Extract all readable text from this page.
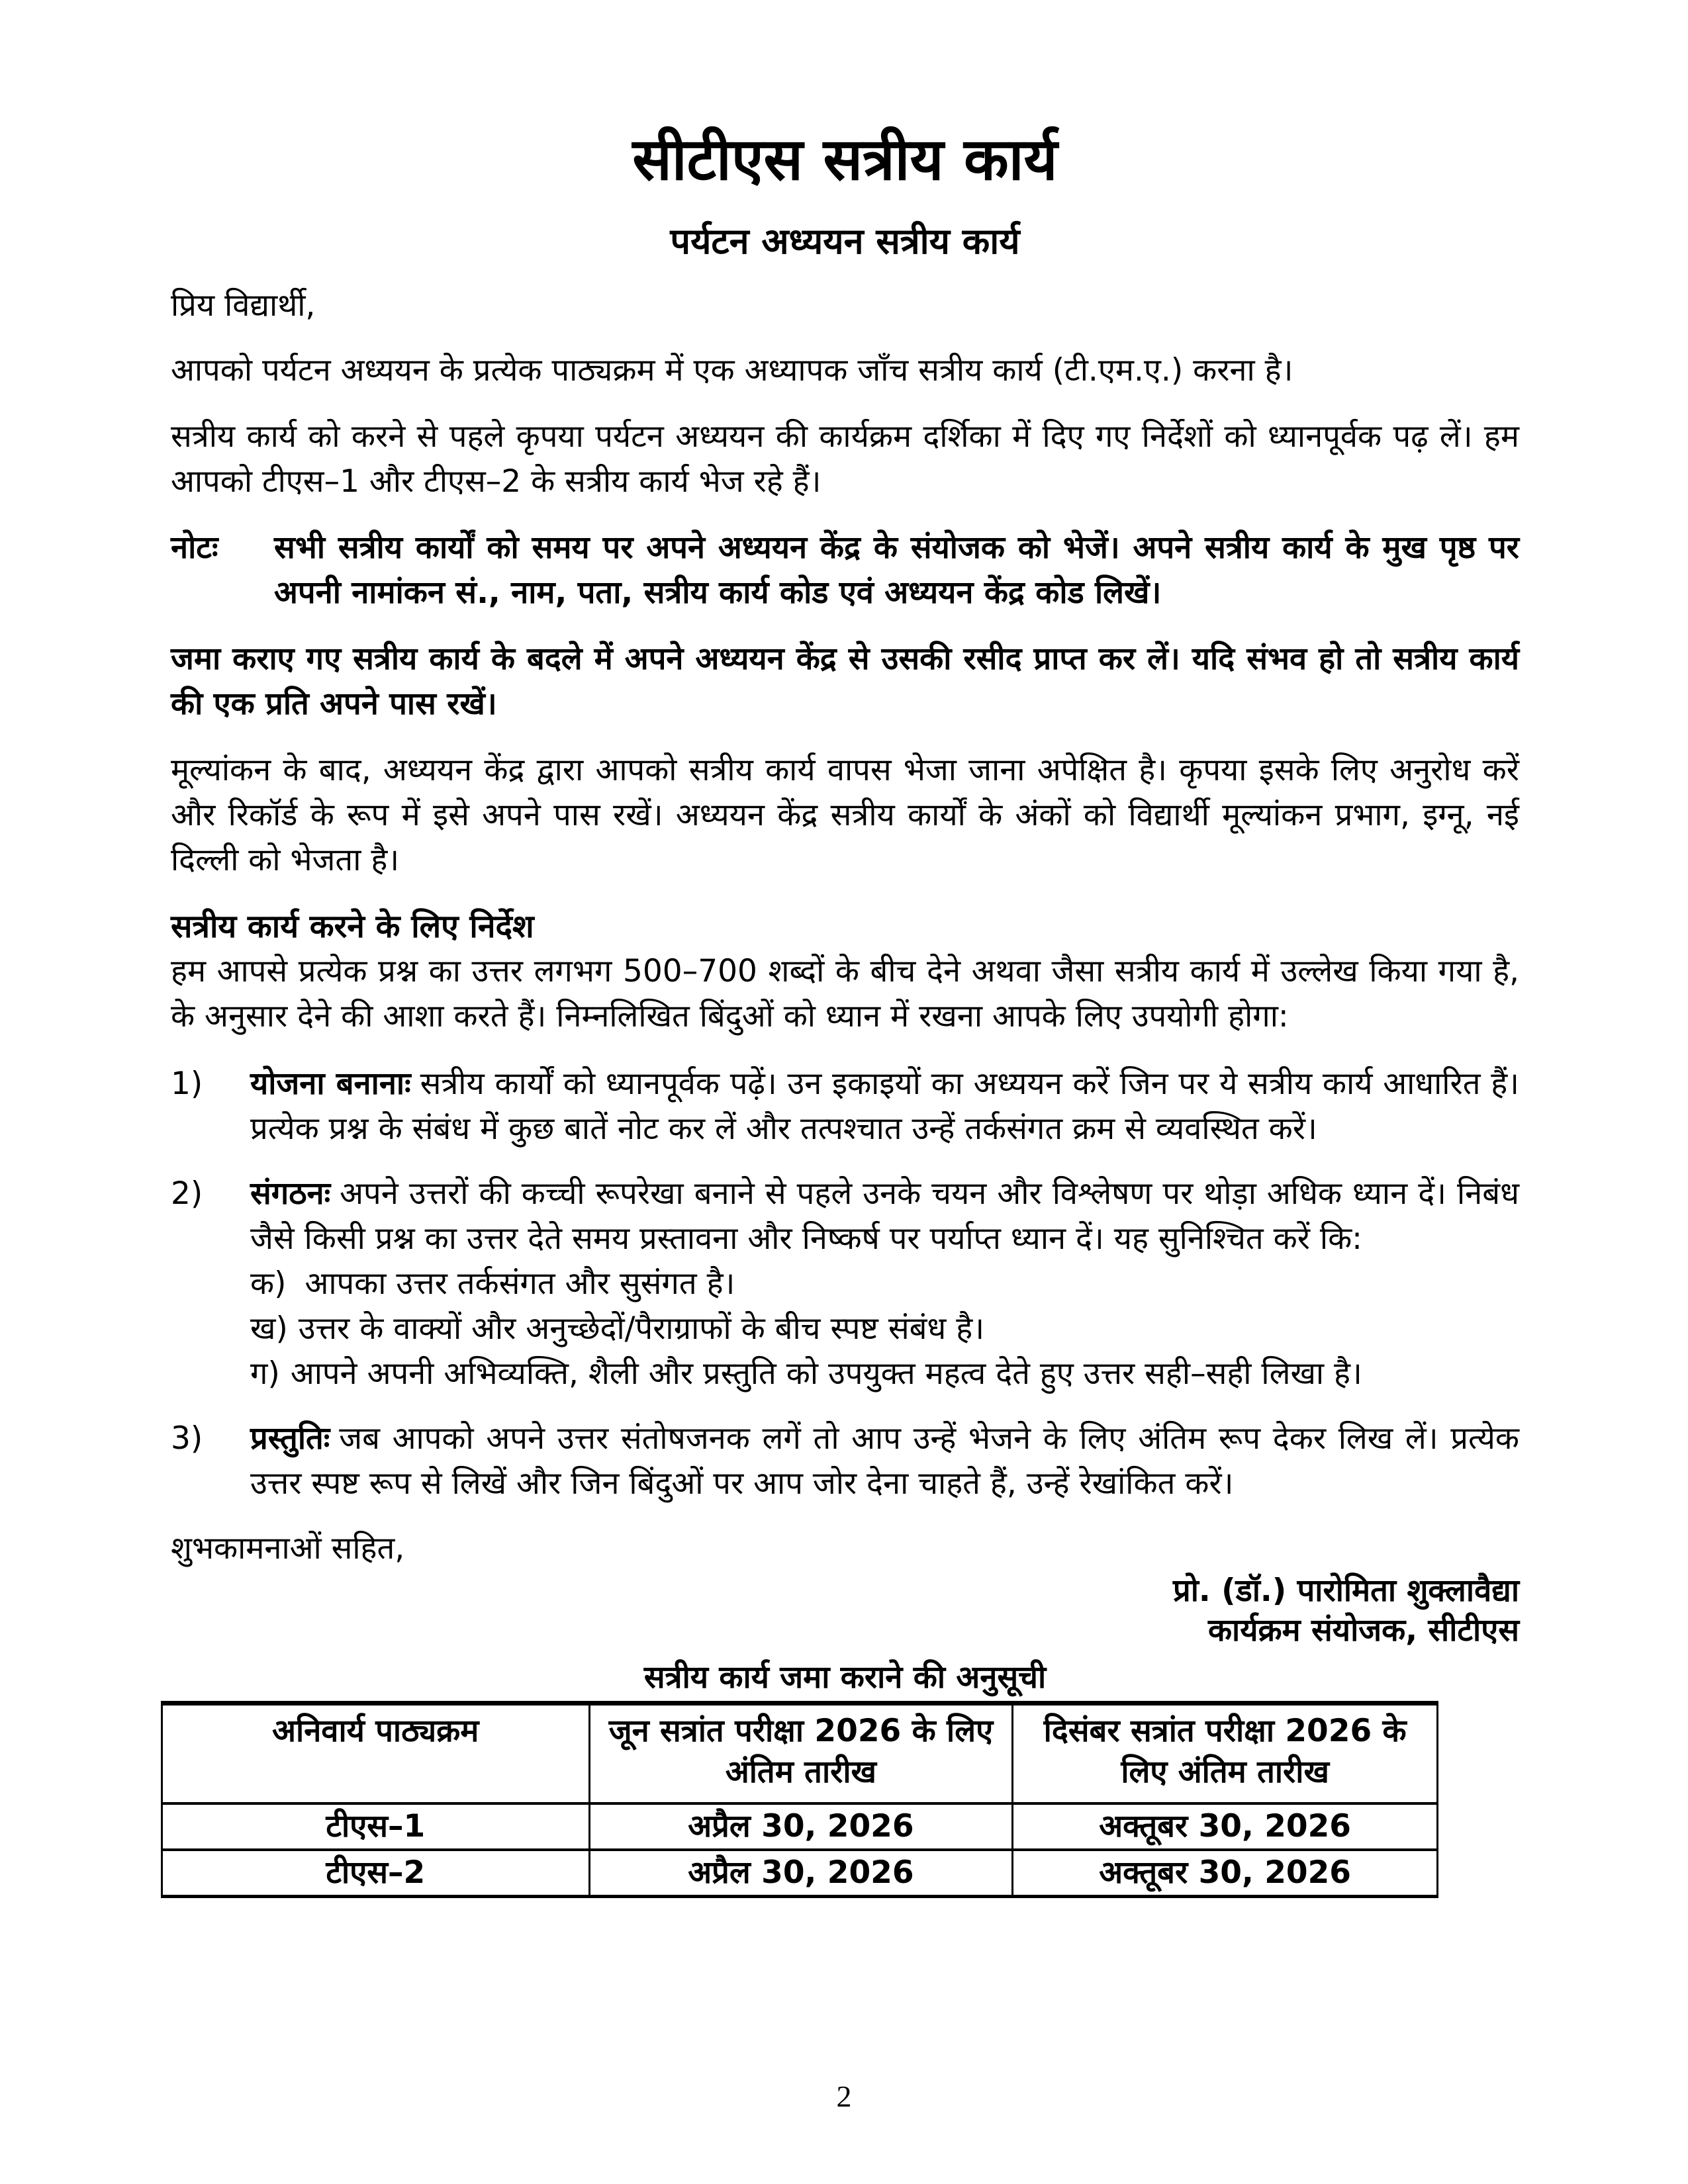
सीटीएस सत्रीय कार्य
पर्यटन अध्ययन सत्रीय कार्य

प्रिय विद्यार्थी,

आपको पर्यटन अध्ययन के प्रत्येक पाठ्यक्रम में एक अध्यापक जाँच सत्रीय कार्य (टी.एम.ए.) करना है।

सत्रीय कार्य को करने से पहले कृपया पर्यटन अध्ययन की कार्यक्रम दर्शिका में दिए गए निर्देशों को ध्यानपूर्वक पढ़ लें। हम आपको टीएस–1 और टीएस–2 के सत्रीय कार्य भेज रहे हैं।

नोटः	सभी सत्रीय कार्यों को समय पर अपने अध्ययन केंद्र के संयोजक को भेजें। अपने सत्रीय कार्य के मुख पृष्ठ पर अपनी नामांकन सं., नाम, पता, सत्रीय कार्य कोड एवं अध्ययन केंद्र कोड लिखें।

जमा कराए गए सत्रीय कार्य के बदले में अपने अध्ययन केंद्र से उसकी रसीद प्राप्त कर लें। यदि संभव हो तो सत्रीय कार्य की एक प्रति अपने पास रखें।

मूल्यांकन के बाद, अध्ययन केंद्र द्वारा आपको सत्रीय कार्य वापस भेजा जाना अपेक्षित है। कृपया इसके लिए अनुरोध करें और रिकॉर्ड के रूप में इसे अपने पास रखें। अध्ययन केंद्र सत्रीय कार्यों के अंकों को विद्यार्थी मूल्यांकन प्रभाग, इग्नू, नई दिल्ली को भेजता है।

सत्रीय कार्य करने के लिए निर्देश

हम आपसे प्रत्येक प्रश्न का उत्तर लगभग 500–700 शब्दों के बीच देने अथवा जैसा सत्रीय कार्य में उल्लेख किया गया है, के अनुसार देने की आशा करते हैं। निम्नलिखित बिंदुओं को ध्यान में रखना आपके लिए उपयोगी होगा:

1)	योजना बनानाः सत्रीय कार्यों को ध्यानपूर्वक पढ़ें। उन इकाइयों का अध्ययन करें जिन पर ये सत्रीय कार्य आधारित हैं। प्रत्येक प्रश्न के संबंध में कुछ बातें नोट कर लें और तत्पश्चात उन्हें तर्कसंगत क्रम से व्यवस्थित करें।
2)	संगठनः अपने उत्तरों की कच्ची रूपरेखा बनाने से पहले उनके चयन और विश्लेषण पर थोड़ा अधिक ध्यान दें। निबंध जैसे किसी प्रश्न का उत्तर देते समय प्रस्तावना और निष्कर्ष पर पर्याप्त ध्यान दें। यह सुनिश्चित करें कि:
क) आपका उत्तर तर्कसंगत और सुसंगत है।
ख) उत्तर के वाक्यों और अनुच्छेदों/पैराग्राफों के बीच स्पष्ट संबंध है।
ग) आपने अपनी अभिव्यक्ति, शैली और प्रस्तुति को उपयुक्त महत्व देते हुए उत्तर सही–सही लिखा है।
3)	प्रस्तुतिः जब आपको अपने उत्तर संतोषजनक लगें तो आप उन्हें भेजने के लिए अंतिम रूप देकर लिख लें। प्रत्येक उत्तर स्पष्ट रूप से लिखें और जिन बिंदुओं पर आप जोर देना चाहते हैं, उन्हें रेखांकित करें।

शुभकामनाओं सहित,

प्रो. (डॉ.) पारोमिता शुक्लावैद्या
कार्यक्रम संयोजक, सीटीएस
सत्रीय कार्य जमा कराने की अनुसूची
अनिवार्य पाठ्यक्रम	जून सत्रांत परीक्षा 2026 के लिए अंतिम तारीख	दिसंबर सत्रांत परीक्षा 2026 के लिए अंतिम तारीख
टीएस–1	अप्रैल 30, 2026	अक्तूबर 30, 2026
टीएस–2	अप्रैल 30, 2026	अक्तूबर 30, 2026
2
